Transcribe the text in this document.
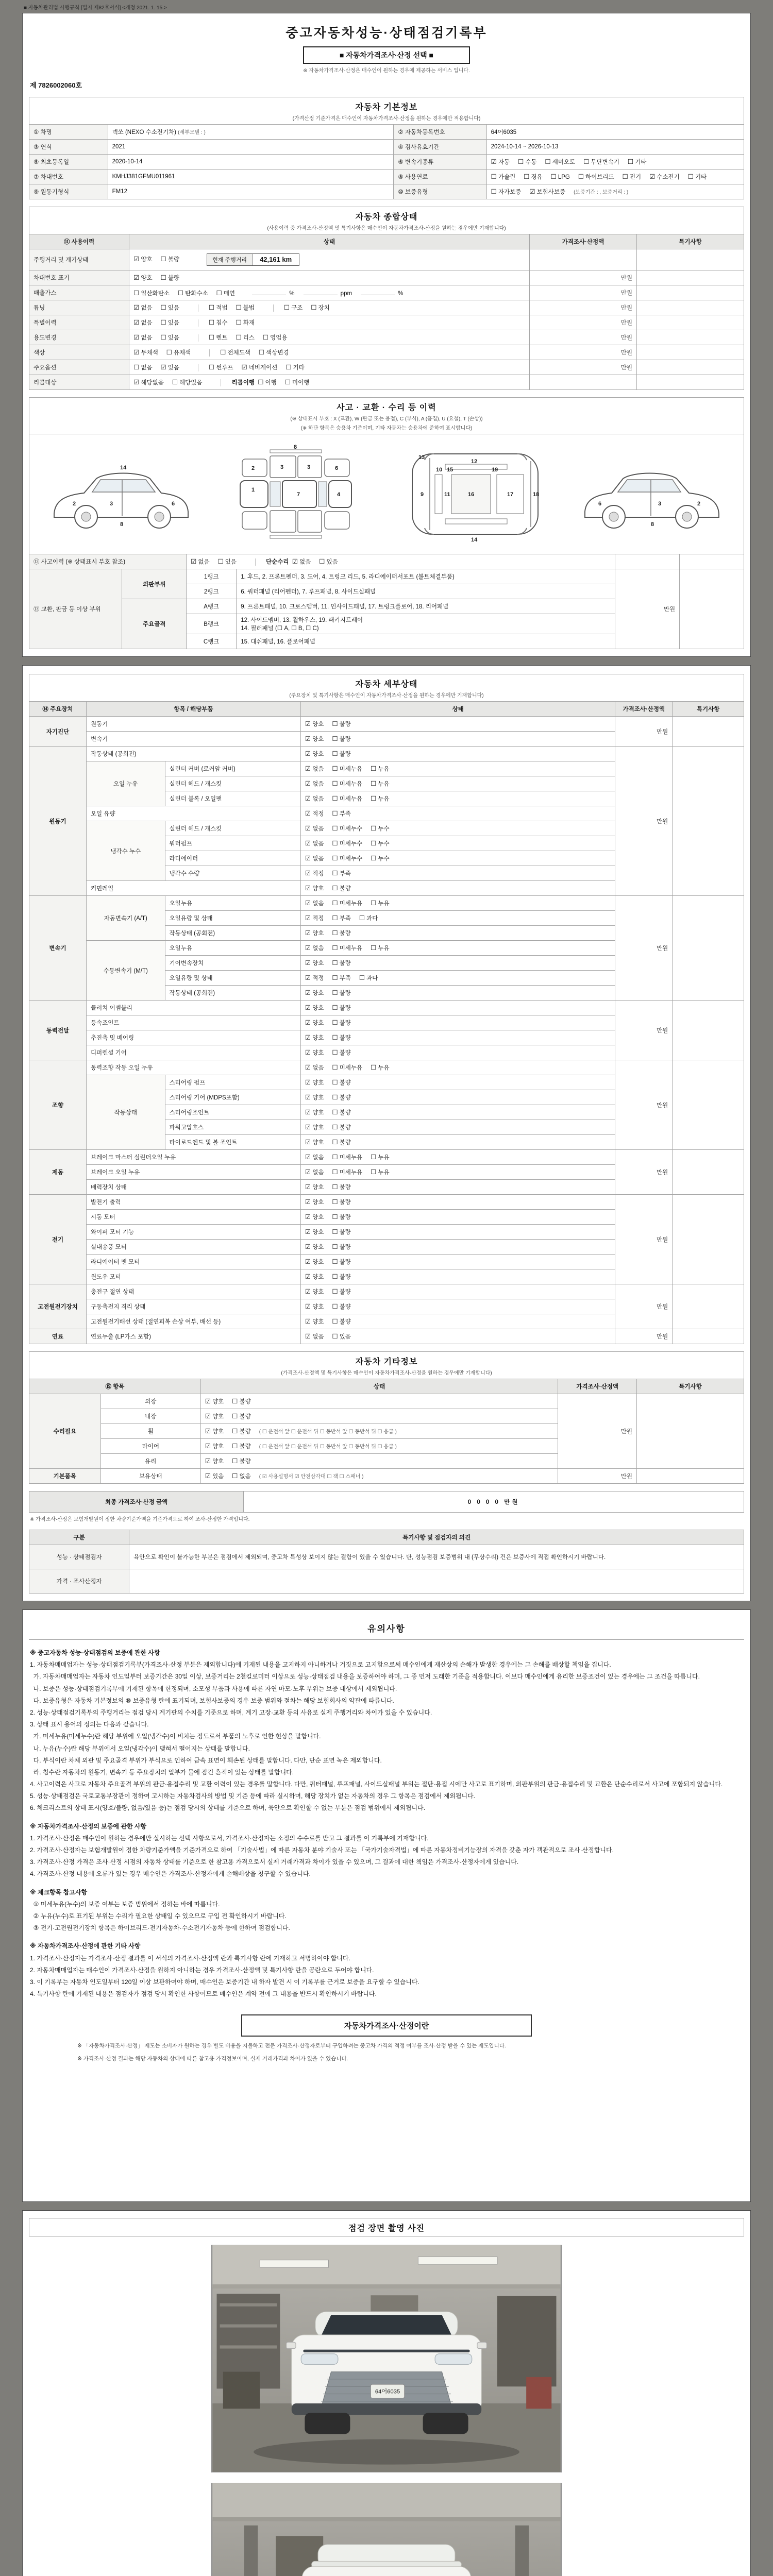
■ 자동차관리법 시행규칙 [별지 제82호서식] <개정 2021. 1. 15.>
중고자동차성능·상태점검기록부
■ 자동차가격조사·산정 선택 ■
※ 자동차가격조사·산정은 매수인이 원하는 경우에 제공하는 서비스 입니다.
제 7826002060호
자동차 기본정보
(가격산정 기준가격은 매수인이 자동차가격조사·산정을 원하는 경우에만 적용합니다)
① 차명	넥쏘 (NEXO 수소전기차) (세부모델 : )	② 자동차등록번호	64어6035
③ 연식	2021	④ 검사유효기간	2024-10-14 ~ 2026-10-13
⑤ 최초등록일	2020-10-14	⑥ 변속기종류	☑ 자동 ☐ 수동 ☐ 세미오토 ☐ 무단변속기 ☐ 기타
⑦ 차대번호	KMHJ381GFMU011961	⑧ 사용연료	☐ 가솔린 ☐ 경유 ☐ LPG ☐ 하이브리드 ☐ 전기 ☑ 수소전기 ☐ 기타
⑨ 원동기형식	FM12	⑩ 보증유형	☐ 자가보증 ☑ 보험사보증 (보증기간 : , 보증거리 : )
자동차 종합상태
(사용이력 중 가격조사·산정액 및 특기사항은 매수인이 자동차가격조사·산정을 원하는 경우에만 기재합니다)
⑪ 사용이력	상태	가격조사·산정액	특기사항
주행거리 및 계기상태	☑ 양호 ☐ 불량 현재 주행거리 42,161 km		
차대번호 표기	☑ 양호 ☐ 불량	만원	
배출가스	☐ 일산화탄소 ☐ 탄화수소 ☐ 매연 % ppm %	만원	
튜닝	☑ 없음 ☐ 있음 ☐ 적법 ☐ 불법 ☐ 구조 ☐ 장치	만원	
특별이력	☑ 없음 ☐ 있음 ☐ 침수 ☐ 화재	만원	
용도변경	☑ 없음 ☐ 있음 ☐ 렌트 ☐ 리스 ☐ 영업용	만원	
색상	☑ 무채색 ☐ 유채색 ☐ 전체도색 ☐ 색상변경	만원	
주요옵션	☐ 없음 ☑ 있음 ☐ 썬루프 ☑ 네비게이션 ☐ 기타	만원	
리콜대상	☑ 해당없음 ☐ 해당있음 리콜이행 ☐ 이행 ☐ 미이행		
사고 · 교환 · 수리 등 이력
(※ 상태표시 부호 : X (교환), W (판금 또는 용접), C (부식), A (흠집), U (요철), T (손상))
(※ 하단 항목은 승용차 기준이며, 기타 자동차는 승용차에 준하여 표시합니다)
2	3	6
8
14
1
7	4
2	3	3	6
8
9
10
11
12
13
14
15
16	17	18
19
2
3
6
8
⑫ 사고이력 (※ 상태표시 부호 참조)		☑ 없음 ☐ 있음 단순수리 ☑ 없음 ☐ 있음			
⑬ 교환, 판금 등 이상 부위	외판부위	1랭크	1. 후드, 2. 프론트펜더, 3. 도어, 4. 트렁크 리드, 5. 라디에이터서포트 (볼트체결부품)	만원	
		2랭크	6. 쿼터패널 (리어펜더), 7. 루프패널, 8. 사이드실패널		
	주요골격	A랭크	9. 프론트패널, 10. 크로스멤버, 11. 인사이드패널, 17. 트렁크플로어, 18. 리어패널		
		B랭크	12. 사이드멤버, 13. 휠하우스, 19. 패키지트레이
14. 필러패널 (☐ A, ☐ B, ☐ C)		

		C랭크	15. 대쉬패널, 16. 플로어패널		
자동차 세부상태
(주요장치 및 특기사항은 매수인이 자동차가격조사·산정을 원하는 경우에만 기재합니다)
⑭ 주요장치	항목 / 해당부품		상태	가격조사·산정액	특기사항
자기진단	원동기		☑ 양호 ☐ 불량	만원	
	변속기		☑ 양호 ☐ 불량		
원동기	작동상태 (공회전)		☑ 양호 ☐ 불량	만원	
	오일 누유	실린더 커버 (로커암 커버)	☑ 없음 ☐ 미세누유 ☐ 누유		
		실린더 헤드 / 개스킷	☑ 없음 ☐ 미세누유 ☐ 누유		
		실린더 블록 / 오일팬	☑ 없음 ☐ 미세누유 ☐ 누유		
	오일 유량		☑ 적정 ☐ 부족		
	냉각수 누수	실린더 헤드 / 개스킷	☑ 없음 ☐ 미세누수 ☐ 누수		
		워터펌프	☑ 없음 ☐ 미세누수 ☐ 누수		
		라디에이터	☑ 없음 ☐ 미세누수 ☐ 누수		
		냉각수 수량	☑ 적정 ☐ 부족		
	커먼레일		☑ 양호 ☐ 불량		
변속기	자동변속기 (A/T)	오일누유	☑ 없음 ☐ 미세누유 ☐ 누유	만원	
		오일유량 및 상태	☑ 적정 ☐ 부족 ☐ 과다		
		작동상태 (공회전)	☑ 양호 ☐ 불량		
	수동변속기 (M/T)	오일누유	☑ 없음 ☐ 미세누유 ☐ 누유		
		기어변속장치	☑ 양호 ☐ 불량		
		오일유량 및 상태	☑ 적정 ☐ 부족 ☐ 과다		
		작동상태 (공회전)	☑ 양호 ☐ 불량		
동력전달	클러치 어셈블리		☑ 양호 ☐ 불량	만원	
	등속조인트		☑ 양호 ☐ 불량		
	추진축 및 베어링		☑ 양호 ☐ 불량		
	디퍼렌셜 기어		☑ 양호 ☐ 불량		
조향	동력조향 작동 오일 누유		☑ 없음 ☐ 미세누유 ☐ 누유	만원	
	작동상태	스티어링 펌프	☑ 양호 ☐ 불량		
		스티어링 기어 (MDPS포함)	☑ 양호 ☐ 불량		
		스티어링조인트	☑ 양호 ☐ 불량		
		파워고압호스	☑ 양호 ☐ 불량		
		타이로드엔드 및 볼 조인트	☑ 양호 ☐ 불량		
제동	브레이크 마스터 실린더오일 누유		☑ 없음 ☐ 미세누유 ☐ 누유	만원	
	브레이크 오일 누유		☑ 없음 ☐ 미세누유 ☐ 누유		
	배력장치 상태		☑ 양호 ☐ 불량		
전기	발전기 출력		☑ 양호 ☐ 불량	만원	
	시동 모터		☑ 양호 ☐ 불량		
	와이퍼 모터 기능		☑ 양호 ☐ 불량		
	실내송풍 모터		☑ 양호 ☐ 불량		
	라디에이터 팬 모터		☑ 양호 ☐ 불량		
	윈도우 모터		☑ 양호 ☐ 불량		
고전원전기장치	충전구 절연 상태		☑ 양호 ☐ 불량	만원	
	구동축전지 격리 상태		☑ 양호 ☐ 불량		
	고전원전기배선 상태 (절연피복 손상 여부, 배선 등)		☑ 양호 ☐ 불량		
연료	연료누출 (LP가스 포함)		☑ 없음 ☐ 있음	만원	
자동차 기타정보
(가격조사·산정액 및 특기사항은 매수인이 자동차가격조사·산정을 원하는 경우에만 기재합니다)
⑮ 항목		상태	가격조사·산정액	특기사항
수리필요	외장	☑ 양호 ☐ 불량	만원	
	내장	☑ 양호 ☐ 불량		
	휠	☑ 양호 ☐ 불량 ( ☐ 운전석 앞 ☐ 운전석 뒤 ☐ 동반석 앞 ☐ 동반석 뒤 ☐ 응급 )		
	타이어	☑ 양호 ☐ 불량 ( ☐ 운전석 앞 ☐ 운전석 뒤 ☐ 동반석 앞 ☐ 동반석 뒤 ☐ 응급 )		
	유리	☑ 양호 ☐ 불량		
기본품목	보유상태	☑ 있음 ☐ 없음 ( ☑ 사용설명서 ☑ 안전삼각대 ☐ 잭 ☐ 스패너 )	만원	
최종 가격조사·산정 금액	0 0 0 0 만원
※ 가격조사·산정은 보험개발원이 정한 차량기준가액을 기준가격으로 하여 조사·산정한 가격입니다.
구분	특기사항 및 점검자의 의견
성능 · 상태점검자	육안으로 확인이 불가능한 부분은 점검에서 제외되며, 중고차 특성상 보이지 않는 결함이 있을 수 있습니다. 단, 성능점검 보증범위 내 (무상수리) 건은 보증사에 직접 확인하시기 바랍니다.
가격 · 조사산정자	
유의사항

※ 중고자동차 성능·상태점검의 보증에 관한 사항

1. 자동차매매업자는 성능·상태점검기록부(가격조사·산정 부분은 제외합니다)에 기재된 내용을 고지하지 아니하거나 거짓으로 고지함으로써 매수인에게 재산상의 손해가 발생한 경우에는 그 손해를 배상할 책임을 집니다.

가. 자동차매매업자는 자동차 인도일부터 보증기간은 30일 이상, 보증거리는 2천킬로미터 이상으로 성능·상태점검 내용을 보증하여야 하며, 그 중 먼저 도래한 기준을 적용합니다. 이보다 매수인에게 유리한 보증조건이 있는 경우에는 그 조건을 따릅니다.

나. 보증은 성능·상태점검기록부에 기재된 항목에 한정되며, 소모성 부품과 사용에 따른 자연 마모·노후 부위는 보증 대상에서 제외됩니다.

다. 보증유형은 자동차 기본정보의 ⑩ 보증유형 란에 표기되며, 보험사보증의 경우 보증 범위와 절차는 해당 보험회사의 약관에 따릅니다.

2. 성능·상태점검기록부의 주행거리는 점검 당시 계기판의 수치를 기준으로 하며, 계기 고장·교환 등의 사유로 실제 주행거리와 차이가 있을 수 있습니다.

3. 상태 표시 용어의 정의는 다음과 같습니다.

가. 미세누유(미세누수)란 해당 부위에 오일(냉각수)이 비치는 정도로서 부품의 노후로 인한 현상을 말합니다.

나. 누유(누수)란 해당 부위에서 오일(냉각수)이 맺혀서 떨어지는 상태를 말합니다.

다. 부식이란 차체 외판 및 주요골격 부위가 부식으로 인하여 금속 표면이 훼손된 상태를 말합니다. 다만, 단순 표면 녹은 제외합니다.

라. 침수란 자동차의 원동기, 변속기 등 주요장치의 일부가 물에 잠긴 흔적이 있는 상태를 말합니다.

4. 사고이력은 사고로 자동차 주요골격 부위의 판금·용접수리 및 교환 이력이 있는 경우를 말합니다. 다만, 쿼터패널, 루프패널, 사이드실패널 부위는 절단·용접 시에만 사고로 표기하며, 외판부위의 판금·용접수리 및 교환은 단순수리로서 사고에 포함되지 않습니다.

5. 성능·상태점검은 국토교통부장관이 정하여 고시하는 자동차검사의 방법 및 기준 등에 따라 실시하며, 해당 장치가 없는 자동차의 경우 그 항목은 점검에서 제외됩니다.

6. 체크리스트의 상태 표시(양호/불량, 없음/있음 등)는 점검 당시의 상태를 기준으로 하며, 육안으로 확인할 수 없는 부분은 점검 범위에서 제외됩니다.

※ 자동차가격조사·산정의 보증에 관한 사항

1. 가격조사·산정은 매수인이 원하는 경우에만 실시하는 선택 사항으로서, 가격조사·산정자는 소정의 수수료를 받고 그 결과를 이 기록부에 기재합니다.

2. 가격조사·산정자는 보험개발원이 정한 차량기준가액을 기준가격으로 하여 「기술사법」에 따른 자동차 분야 기술사 또는 「국가기술자격법」에 따른 자동차정비기능장의 자격을 갖춘 자가 객관적으로 조사·산정합니다.

3. 가격조사·산정 가격은 조사·산정 시점의 자동차 상태를 기준으로 한 참고용 가격으로서 실제 거래가격과 차이가 있을 수 있으며, 그 결과에 대한 책임은 가격조사·산정자에게 있습니다.

4. 가격조사·산정 내용에 오류가 있는 경우 매수인은 가격조사·산정자에게 손해배상을 청구할 수 있습니다.

※ 체크항목 참고사항

① 미세누유(누수)의 보증 여부는 보증 범위에서 정하는 바에 따릅니다.

② 누유(누수)로 표기된 부위는 수리가 필요한 상태일 수 있으므로 구입 전 확인하시기 바랍니다.

③ 전기·고전원전기장치 항목은 하이브리드·전기자동차·수소전기자동차 등에 한하여 점검합니다.

※ 자동차가격조사·산정에 관한 기타 사항

1. 가격조사·산정자는 가격조사·산정 결과를 이 서식의 가격조사·산정액 란과 특기사항 란에 기재하고 서명하여야 합니다.

2. 자동차매매업자는 매수인이 가격조사·산정을 원하지 아니하는 경우 가격조사·산정액 및 특기사항 란을 공란으로 두어야 합니다.

3. 이 기록부는 자동차 인도일부터 120일 이상 보관하여야 하며, 매수인은 보증기간 내 하자 발견 시 이 기록부를 근거로 보증을 요구할 수 있습니다.

4. 특기사항 란에 기재된 내용은 점검자가 점검 당시 확인한 사항이므로 매수인은 계약 전에 그 내용을 반드시 확인하시기 바랍니다.

자동차가격조사·산정이란
※ 「자동차가격조사·산정」 제도는 소비자가 원하는 경우 별도 비용을 지불하고 전문 가격조사·산정자로부터 구입하려는 중고차 가격의 적정 여부를 조사·산정 받을 수 있는 제도입니다.
※ 가격조사·산정 결과는 해당 자동차의 상태에 따른 참고용 가격정보이며, 실제 거래가격과 차이가 있을 수 있습니다.
점검 장면 촬영 사진
64어6035
